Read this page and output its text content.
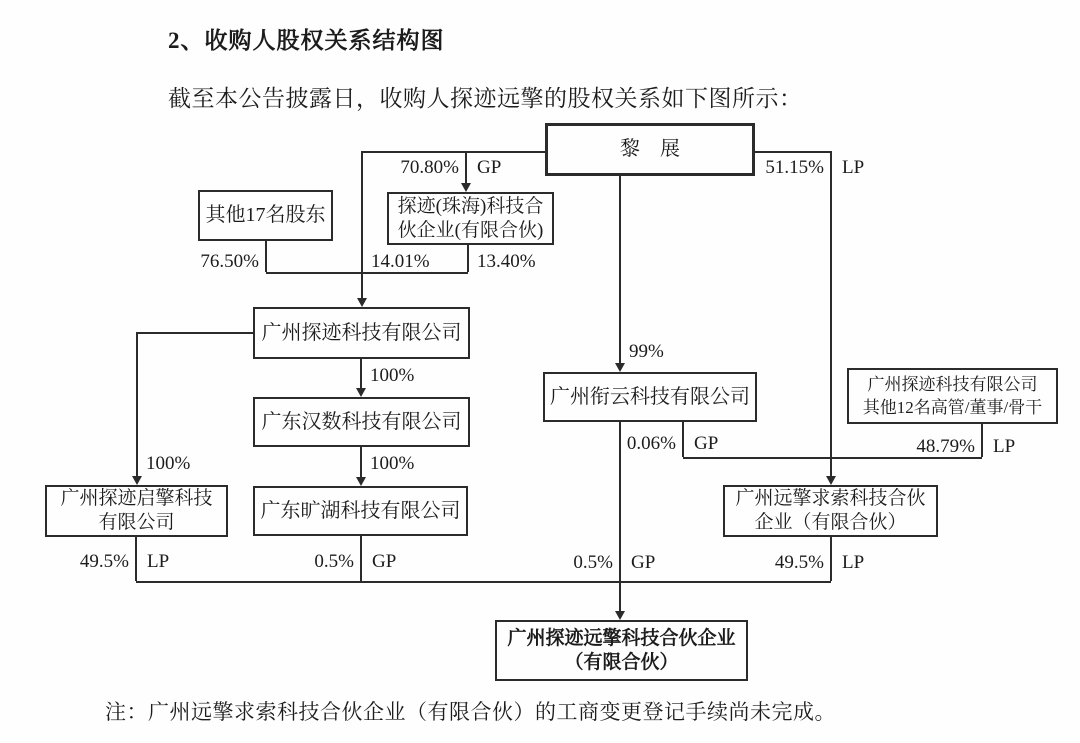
2、收购人股权关系结构图
截至本公告披露日，收购人探迹远擎的股权关系如下图所示：
黎　展
其他17名股东	探迹(珠海)科技合
伙企业(有限合伙)
广州探迹科技有限公司
广东汉数科技有限公司
广东旷湖科技有限公司
广州探迹启擎科技
有限公司
广州衔云科技有限公司
广州探迹科技有限公司
其他12名高管/董事/骨干
广州远擎求索科技合伙
企业（有限合伙）
广州探迹远擎科技合伙企业
（有限合伙）
70.80% GP
76.50%	14.01% 13.40%
99%
100%
100%
100%
51.15% LP
0.06% GP	48.79% LP
49.5% LP	0.5% GP	0.5% GP	49.5% LP
注：广州远擎求索科技合伙企业（有限合伙）的工商变更登记手续尚未完成。
